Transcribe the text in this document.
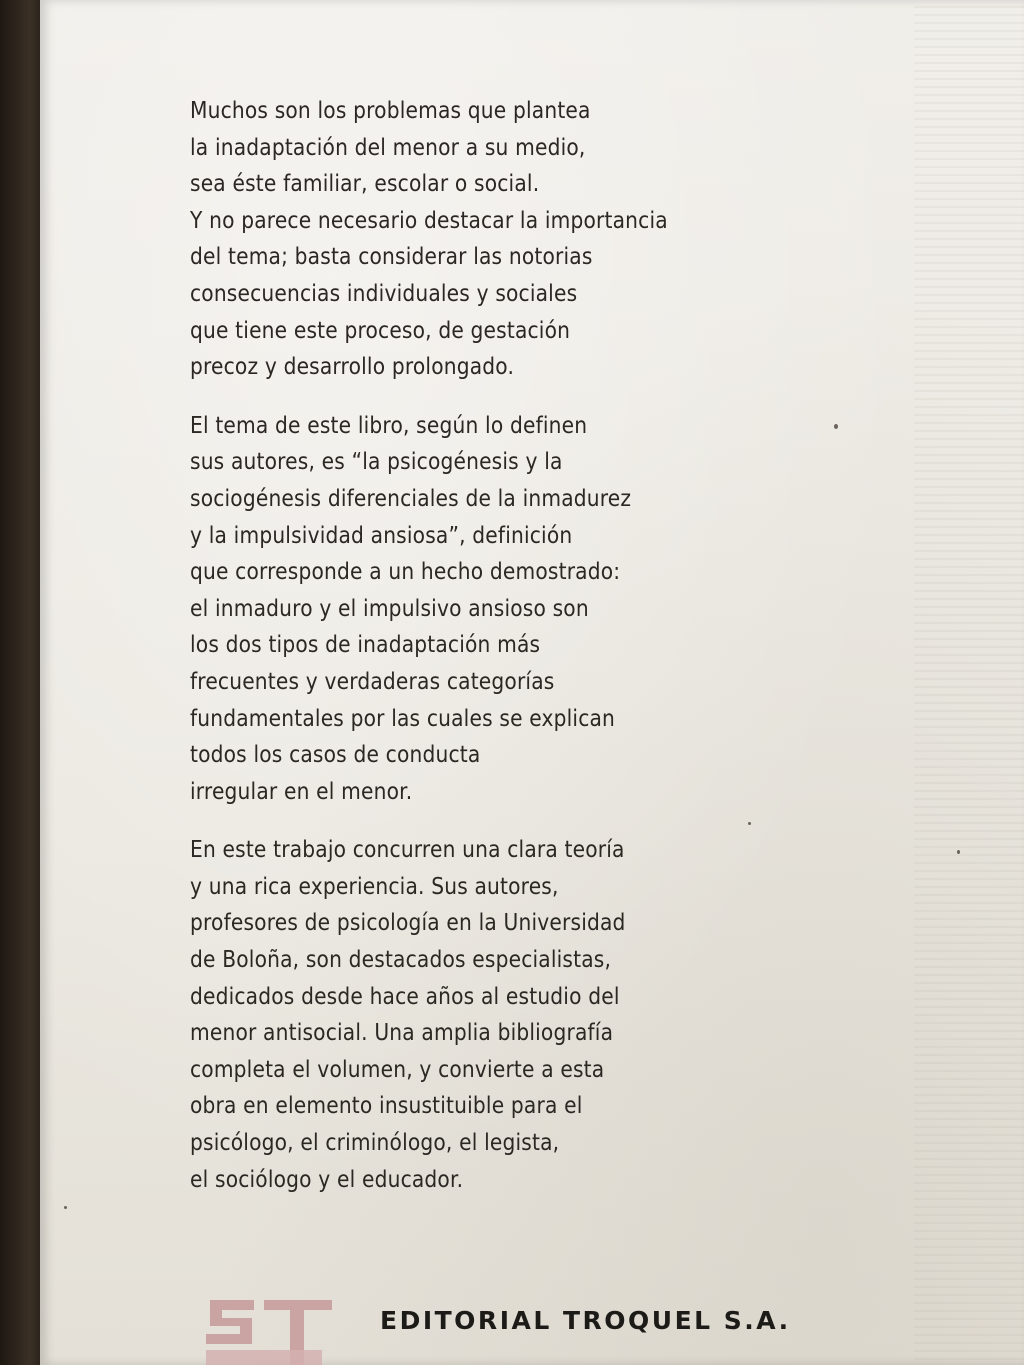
Muchos son los problemas que plantea
la inadaptación del menor a su medio,
sea éste familiar, escolar o social.
Y no parece necesario destacar la importancia
del tema; basta considerar las notorias
consecuencias individuales y sociales
que tiene este proceso, de gestación
precoz y desarrollo prolongado.
El tema de este libro, según lo definen
sus autores, es “la psicogénesis y la
sociogénesis diferenciales de la inmadurez
y la impulsividad ansiosa”, definición
que corresponde a un hecho demostrado:
el inmaduro y el impulsivo ansioso son
los dos tipos de inadaptación más
frecuentes y verdaderas categorías
fundamentales por las cuales se explican
todos los casos de conducta
irregular en el menor.
En este trabajo concurren una clara teoría
y una rica experiencia. Sus autores,
profesores de psicología en la Universidad
de Boloña, son destacados especialistas,
dedicados desde hace años al estudio del
menor antisocial. Una amplia bibliografía
completa el volumen, y convierte a esta
obra en elemento insustituible para el
psicólogo, el criminólogo, el legista,
el sociólogo y el educador.
EDITORIAL TROQUEL S.A.
